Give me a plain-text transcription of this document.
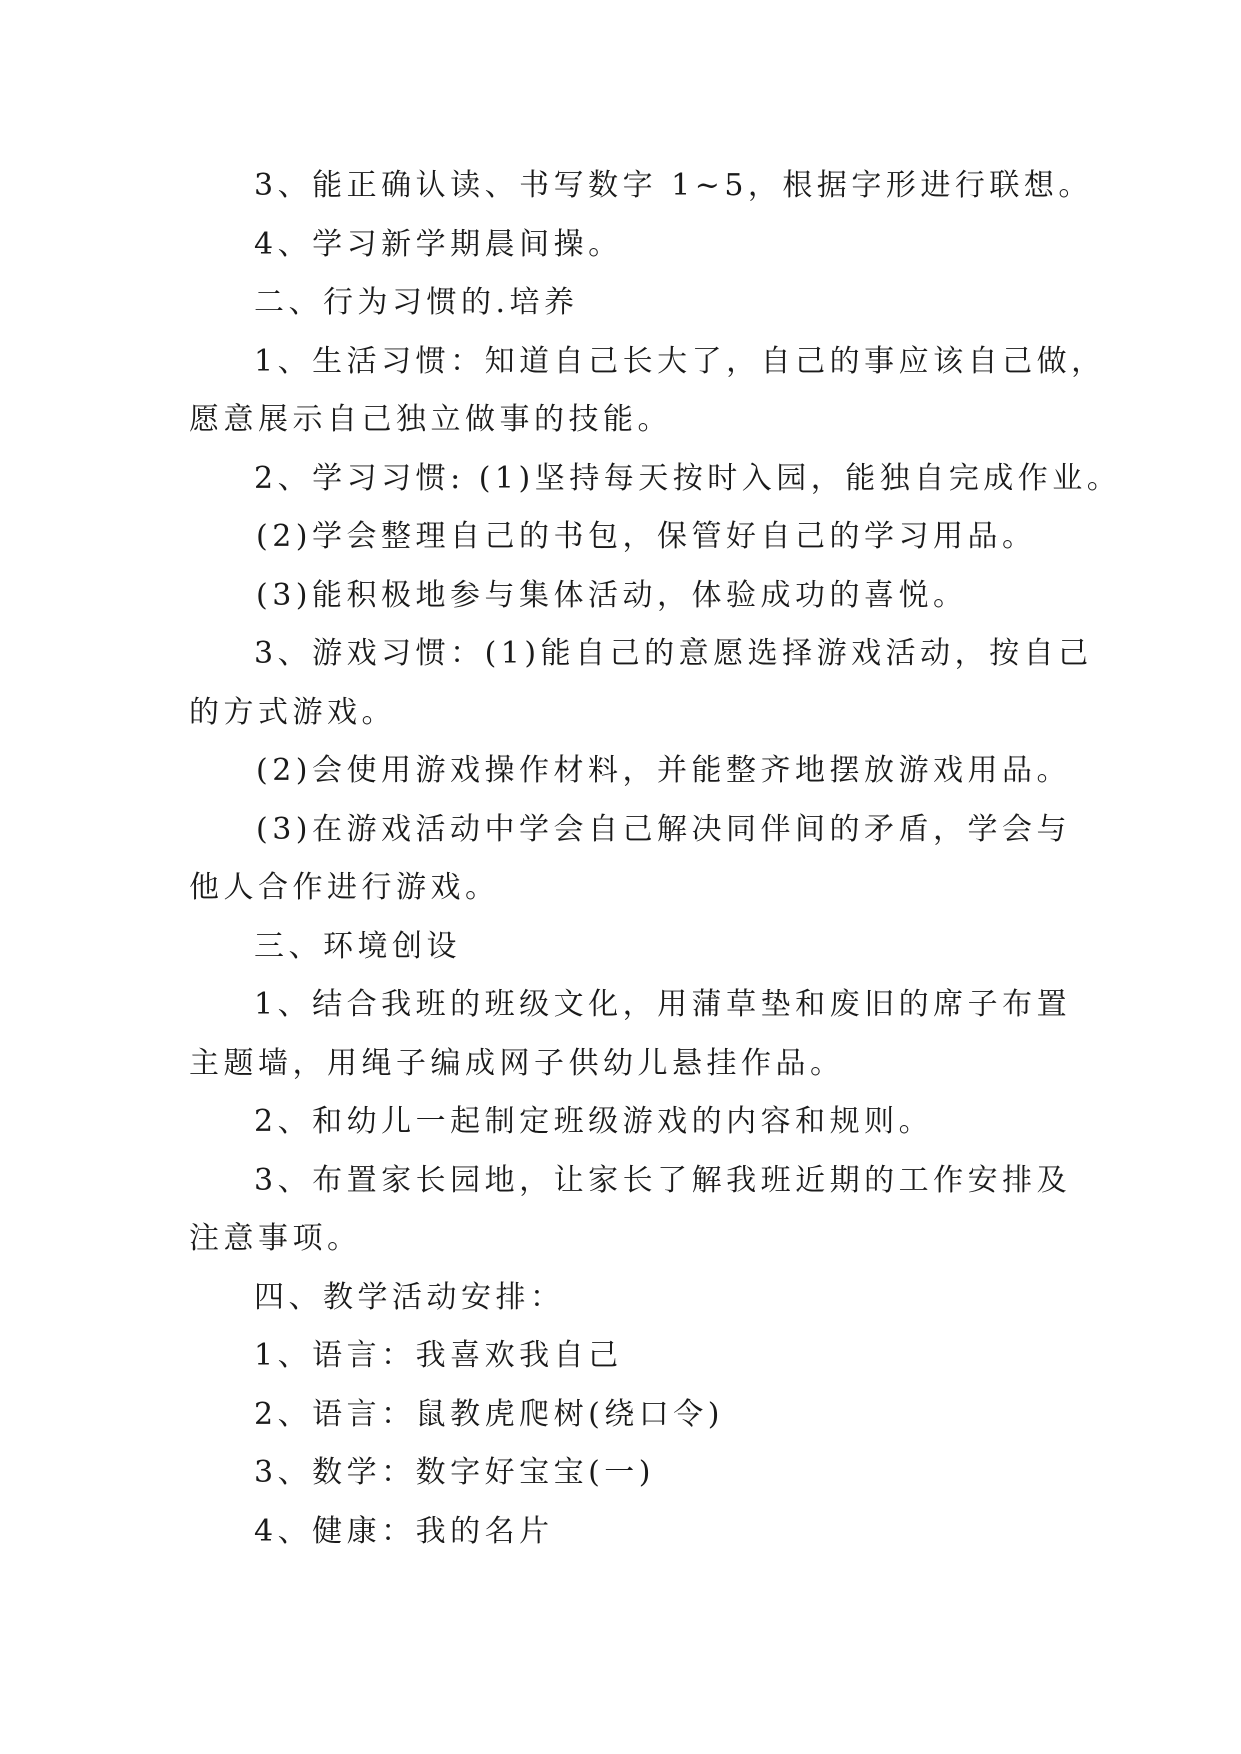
3、能正确认读、书写数字 1~5，根据字形进行联想。
4、学习新学期晨间操。
二、行为习惯的.培养
1、生活习惯：知道自己长大了，自己的事应该自己做，
愿意展示自己独立做事的技能。
2、学习习惯: (1)坚持每天按时入园，能独自完成作业。
(2)学会整理自己的书包，保管好自己的学习用品。
(3)能积极地参与集体活动，体验成功的喜悦。
3、游戏习惯：(1)能自己的意愿选择游戏活动，按自己
的方式游戏。
(2)会使用游戏操作材料，并能整齐地摆放游戏用品。
(3)在游戏活动中学会自己解决同伴间的矛盾，学会与
他人合作进行游戏。
三、环境创设
1、结合我班的班级文化，用蒲草垫和废旧的席子布置
主题墙，用绳子编成网子供幼儿悬挂作品。
2、和幼儿一起制定班级游戏的内容和规则。
3、布置家长园地，让家长了解我班近期的工作安排及
注意事项。
四、教学活动安排：
1、语言：我喜欢我自己
2、语言：鼠教虎爬树(绕口令)
3、数学：数字好宝宝(一)
4、健康：我的名片
